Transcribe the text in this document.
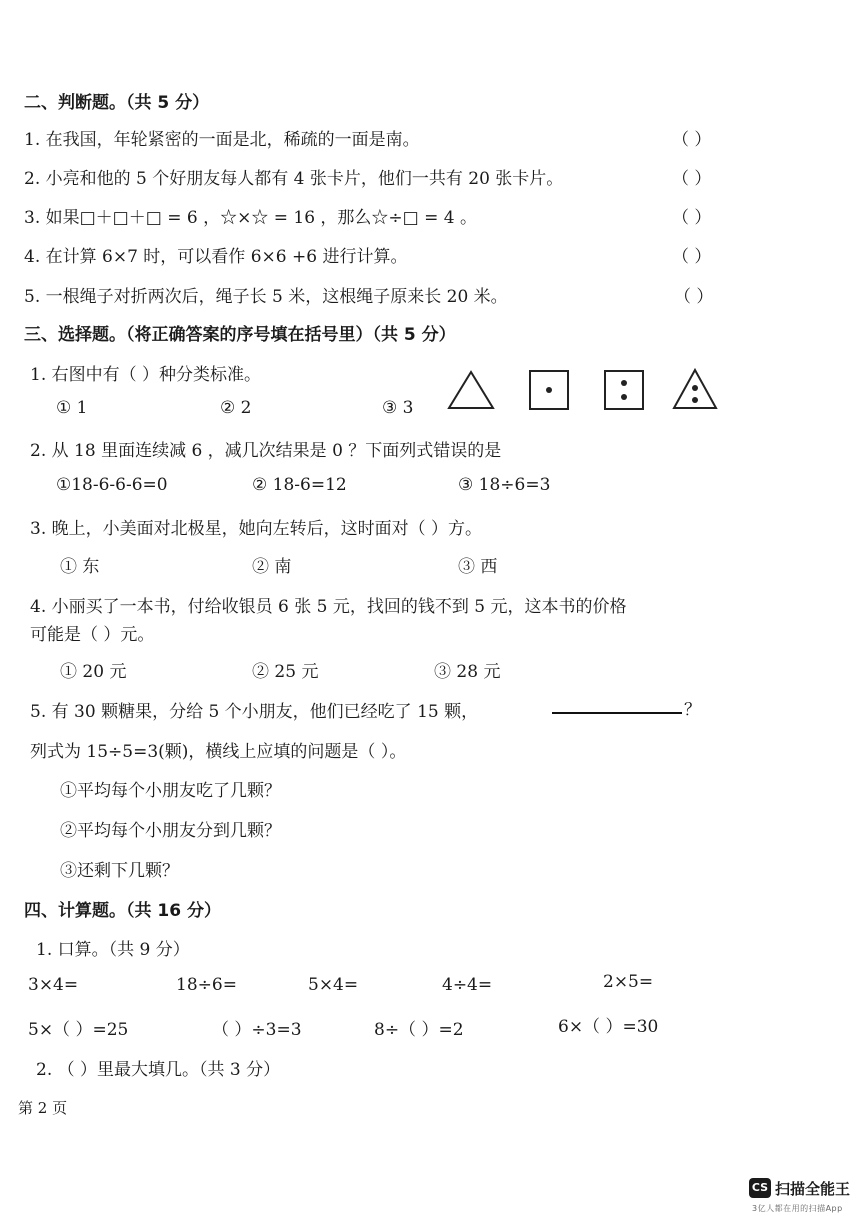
二、判断题。（共 5 分）
1. 在我国，年轮紧密的一面是北，稀疏的一面是南。	（ ）
2. 小亮和他的 5 个好朋友每人都有 4 张卡片，他们一共有 20 张卡片。	（ ）
3. 如果□＋□＋□ = 6 ，☆×☆ = 16 ，那么☆÷□ = 4 。	（ ）
4. 在计算 6×7 时，可以看作 6×6 +6 进行计算。	（ ）
5. 一根绳子对折两次后，绳子长 5 米，这根绳子原来长 20 米。	（ ）
三、选择题。（将正确答案的序号填在括号里）（共 5 分）
1. 右图中有（ ）种分类标准。
① 1	② 2	③ 3
2. 从 18 里面连续减 6 ，减几次结果是 0 ？下面列式错误的是
①18-6-6-6=0	② 18-6=12	③ 18÷6=3
3. 晚上，小美面对北极星，她向左转后，这时面对（ ）方。
① 东	② 南	③ 西
4. 小丽买了一本书，付给收银员 6 张 5 元，找回的钱不到 5 元，这本书的价格
可能是（ ）元。
① 20 元	② 25 元	③ 28 元
5. 有 30 颗糖果，分给 5 个小朋友，他们已经吃了 15 颗，	？
列式为 15÷5=3(颗)，横线上应填的问题是（ ）。
①平均每个小朋友吃了几颗？
②平均每个小朋友分到几颗？
③还剩下几颗？
四、计算题。（共 16 分）
1. 口算。（共 9 分）
3×4=	18÷6=	5×4=	4÷4=	2×5=
5×（ ）=25	（ ）÷3=3	8÷（ ）=2	6×（ ）=30
2. （ ）里最大填几。（共 3 分）
第 2 页
CS 扫描全能王
3亿人都在用的扫描App
